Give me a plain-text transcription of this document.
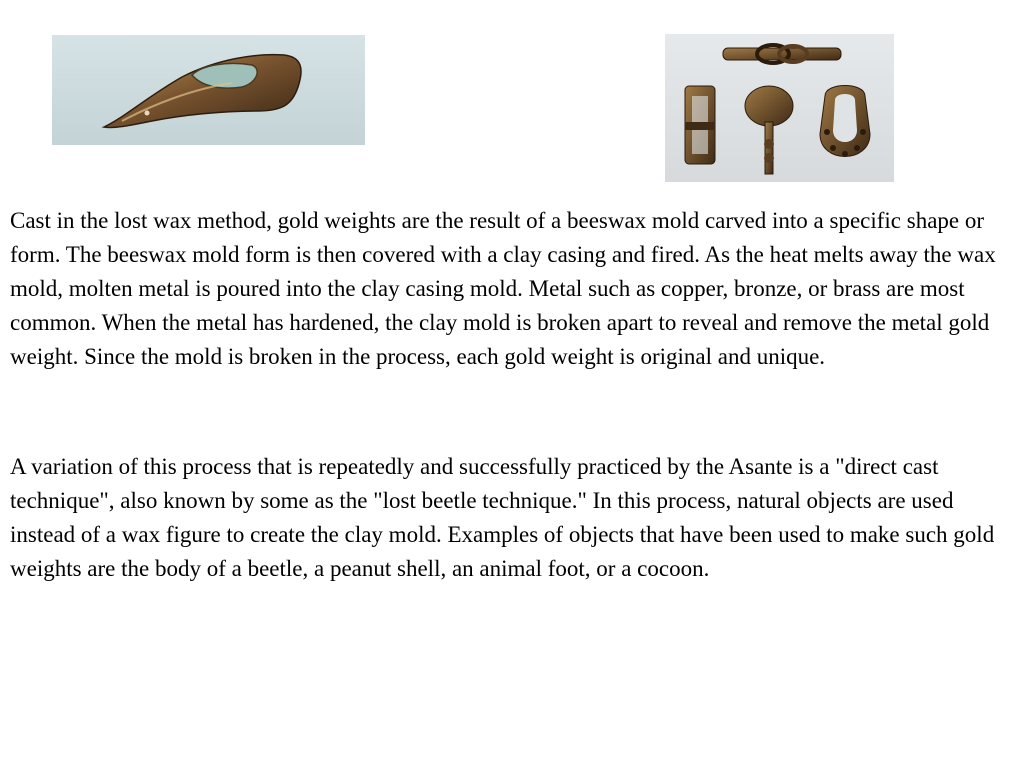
Cast in the lost wax method, gold weights are the result of a beeswax mold carved into a specific shape or form. The beeswax mold form is then covered with a clay casing and fired. As the heat melts away the wax mold, molten metal is poured into the clay casing mold. Metal such as copper, bronze, or brass are most common. When the metal has hardened, the clay mold is broken apart to reveal and remove the metal gold weight. Since the mold is broken in the process, each gold weight is original and unique.

A variation of this process that is repeatedly and successfully practiced by the Asante is a "direct cast technique", also known by some as the "lost beetle technique." In this process, natural objects are used instead of a wax figure to create the clay mold. Examples of objects that have been used to make such gold weights are the body of a beetle, a peanut shell, an animal foot, or a cocoon.
